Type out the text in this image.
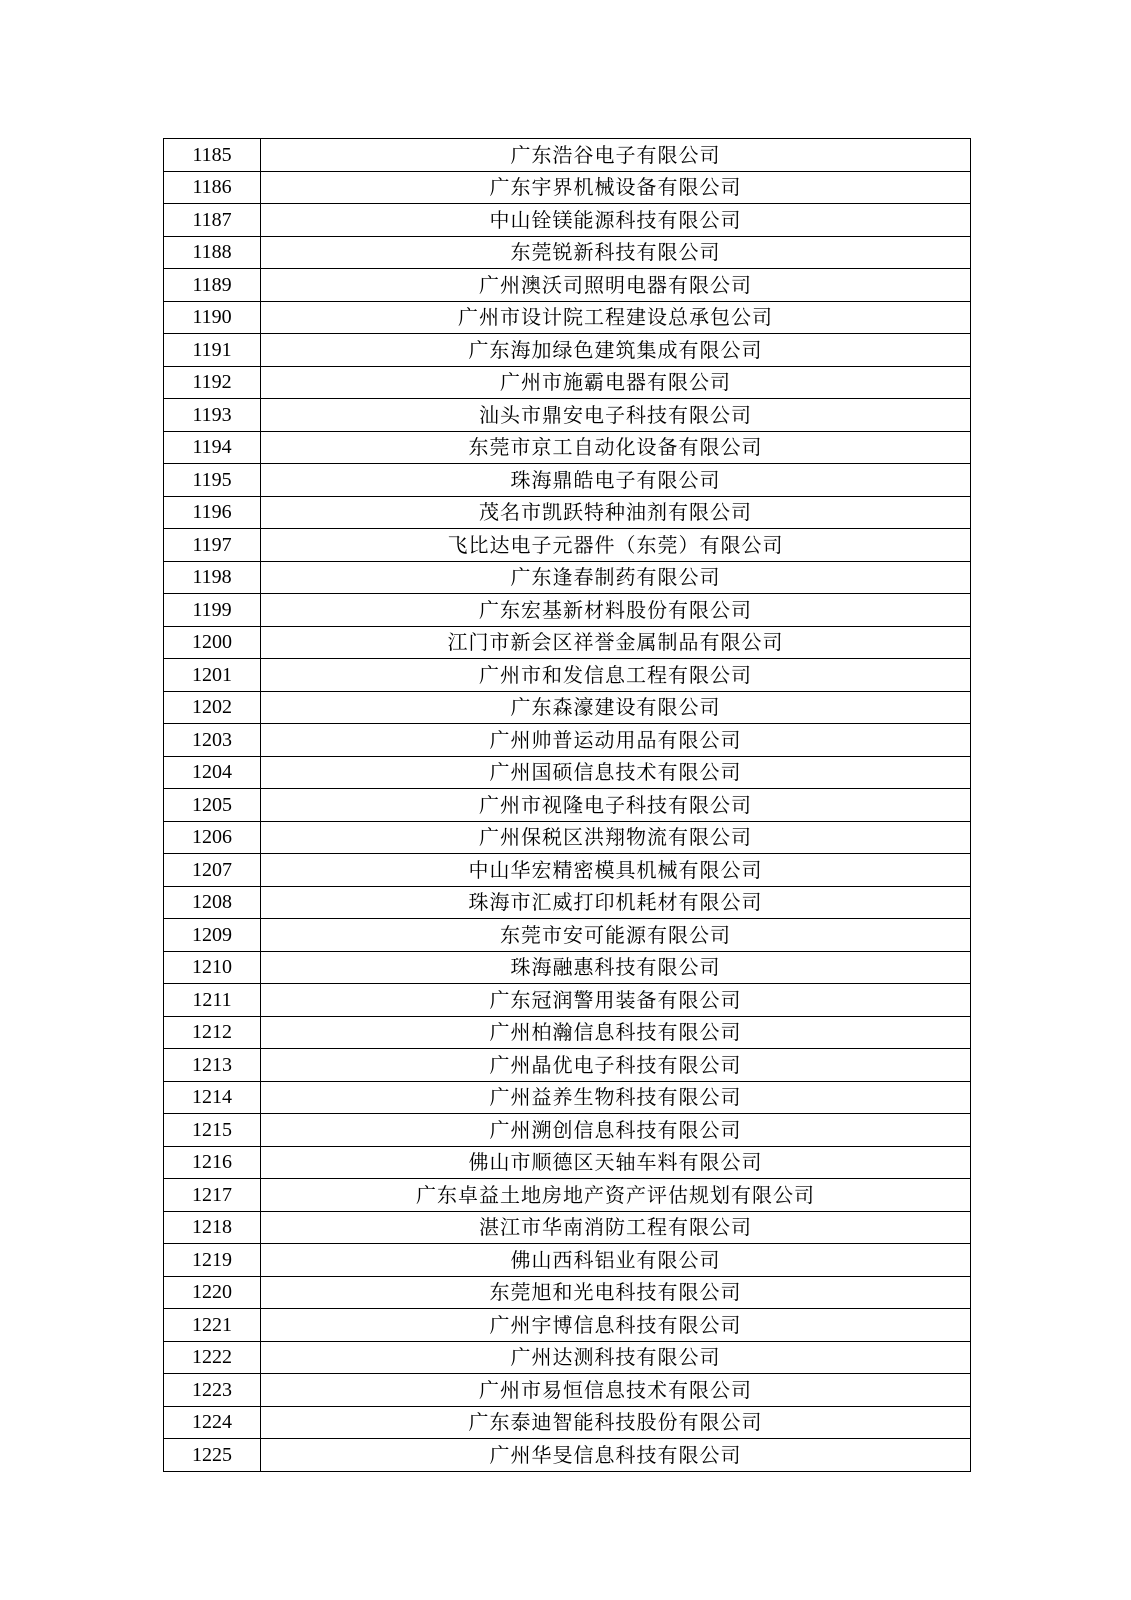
1185	广东浩谷电子有限公司
1186	广东宇界机械设备有限公司
1187	中山铨镁能源科技有限公司
1188	东莞锐新科技有限公司
1189	广州澳沃司照明电器有限公司
1190	广州市设计院工程建设总承包公司
1191	广东海加绿色建筑集成有限公司
1192	广州市施霸电器有限公司
1193	汕头市鼎安电子科技有限公司
1194	东莞市京工自动化设备有限公司
1195	珠海鼎皓电子有限公司
1196	茂名市凯跃特种油剂有限公司
1197	飞比达电子元器件（东莞）有限公司
1198	广东逢春制药有限公司
1199	广东宏基新材料股份有限公司
1200	江门市新会区祥誉金属制品有限公司
1201	广州市和发信息工程有限公司
1202	广东森濠建设有限公司
1203	广州帅普运动用品有限公司
1204	广州国硕信息技术有限公司
1205	广州市视隆电子科技有限公司
1206	广州保税区洪翔物流有限公司
1207	中山华宏精密模具机械有限公司
1208	珠海市汇威打印机耗材有限公司
1209	东莞市安可能源有限公司
1210	珠海融惠科技有限公司
1211	广东冠润警用装备有限公司
1212	广州柏瀚信息科技有限公司
1213	广州晶优电子科技有限公司
1214	广州益养生物科技有限公司
1215	广州溯创信息科技有限公司
1216	佛山市顺德区天轴车料有限公司
1217	广东卓益土地房地产资产评估规划有限公司
1218	湛江市华南消防工程有限公司
1219	佛山西科铝业有限公司
1220	东莞旭和光电科技有限公司
1221	广州宇博信息科技有限公司
1222	广州达测科技有限公司
1223	广州市易恒信息技术有限公司
1224	广东泰迪智能科技股份有限公司
1225	广州华旻信息科技有限公司
